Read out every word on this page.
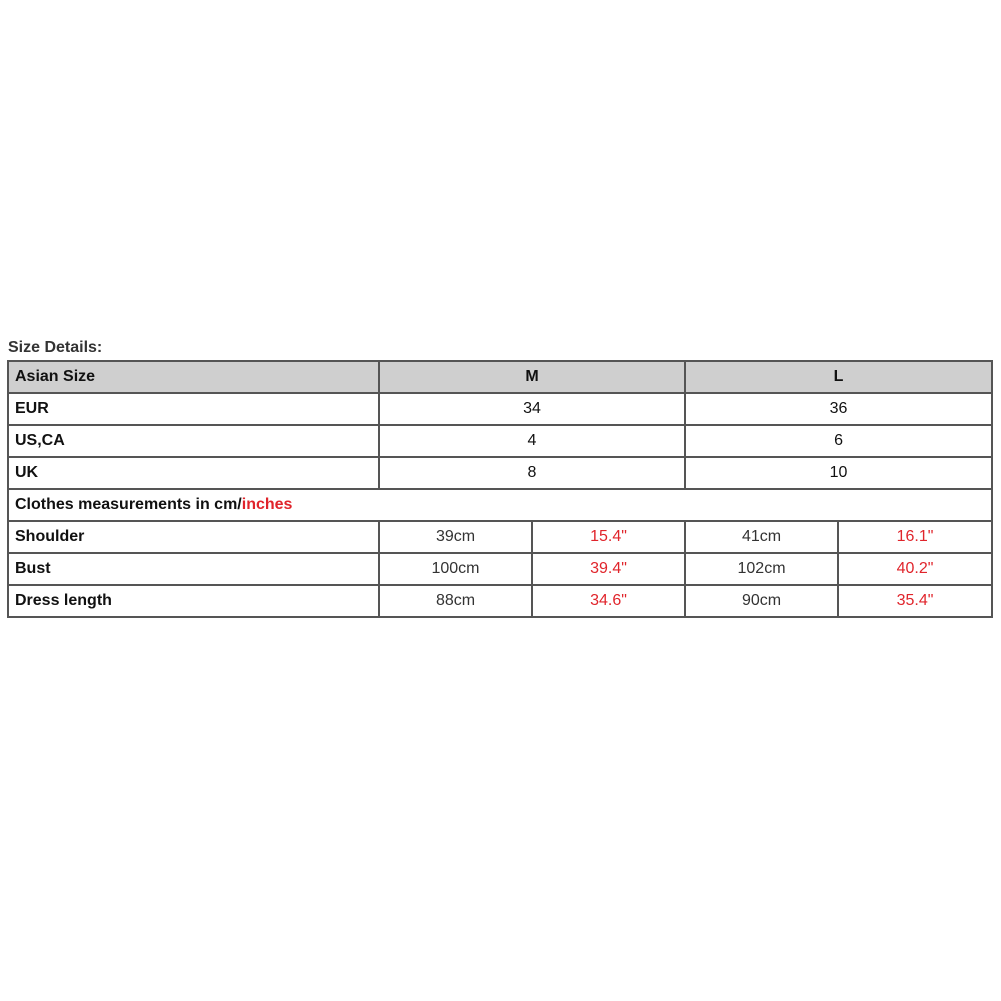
Size Details:
Asian Size	M		L	
EUR	34		36	
US,CA	4		6	
UK	8		10	
Clothes measurements in cm/inches				
Shoulder	39cm	15.4"	41cm	16.1"
Bust	100cm	39.4"	102cm	40.2"
Dress length	88cm	34.6"	90cm	35.4"
